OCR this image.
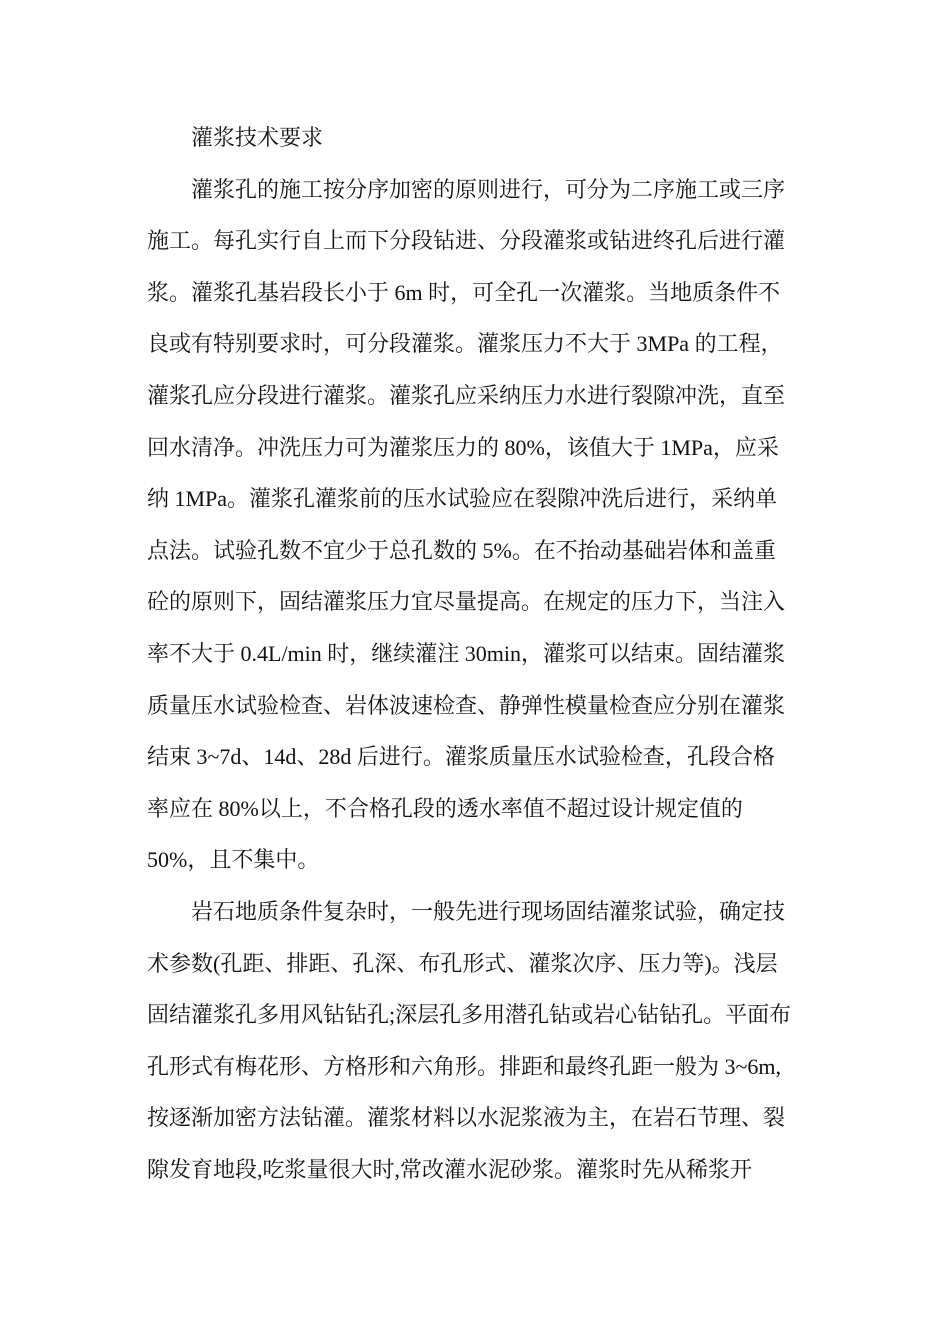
灌浆技术要求
灌浆孔的施工按分序加密的原则进行，可分为二序施工或三序
施工。每孔实行自上而下分段钻进、分段灌浆或钻进终孔后进行灌
浆。灌浆孔基岩段长小于 6m 时，可全孔一次灌浆。当地质条件不
良或有特别要求时，可分段灌浆。灌浆压力不大于 3MPa 的工程，
灌浆孔应分段进行灌浆。灌浆孔应采纳压力水进行裂隙冲洗，直至
回水清净。冲洗压力可为灌浆压力的 80%，该值大于 1MPa，应采
纳 1MPa。灌浆孔灌浆前的压水试验应在裂隙冲洗后进行，采纳单
点法。试验孔数不宜少于总孔数的 5%。在不抬动基础岩体和盖重
砼的原则下，固结灌浆压力宜尽量提高。在规定的压力下，当注入
率不大于 0.4L/min 时，继续灌注 30min，灌浆可以结束。固结灌浆
质量压水试验检查、岩体波速检查、静弹性模量检查应分别在灌浆
结束 3~7d、14d、28d 后进行。灌浆质量压水试验检查，孔段合格
率应在 80%以上，不合格孔段的透水率值不超过设计规定值的
50%，且不集中。
岩石地质条件复杂时，一般先进行现场固结灌浆试验，确定技
术参数(孔距、排距、孔深、布孔形式、灌浆次序、压力等)。浅层
固结灌浆孔多用风钻钻孔;深层孔多用潜孔钻或岩心钻钻孔。平面布
孔形式有梅花形、方格形和六角形。排距和最终孔距一般为 3~6m,
按逐渐加密方法钻灌。灌浆材料以水泥浆液为主，在岩石节理、裂
隙发育地段,吃浆量很大时,常改灌水泥砂浆。灌浆时先从稀浆开
